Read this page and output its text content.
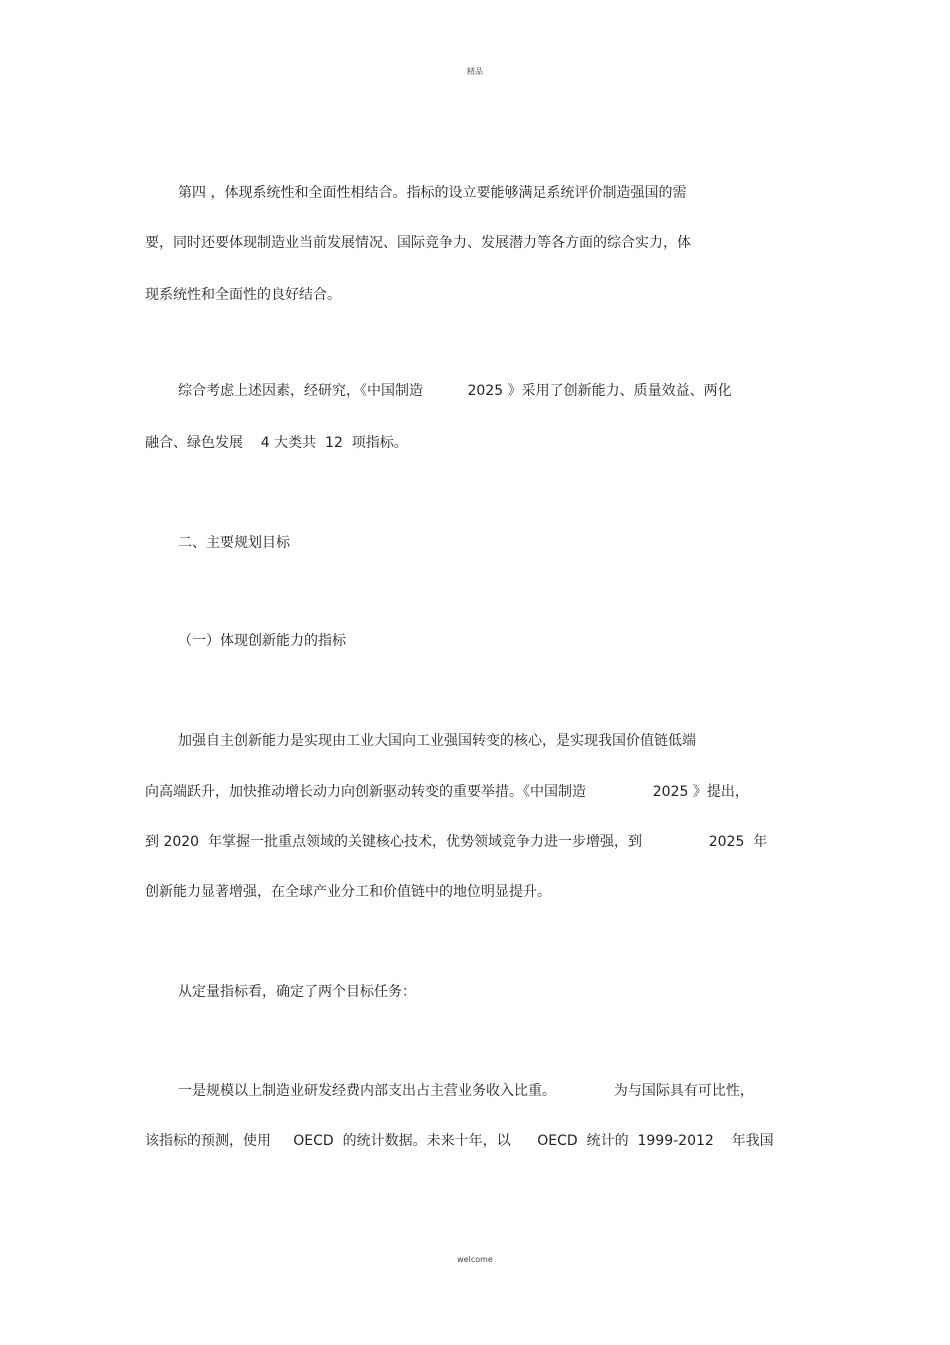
精品
第四 ，体现系统性和全面性相结合。指标的设立要能够满足系统评价制造强国的需
要，同时还要体现制造业当前发展情况、国际竞争力、发展潜力等各方面的综合实力，体
现系统性和全面性的良好结合。
综合考虑上述因素，经研究，《中国制造          2025 》采用了创新能力、质量效益、两化
融合、绿色发展    4 大类共  12  项指标。
二、主要规划目标
（一）体现创新能力的指标
加强自主创新能力是实现由工业大国向工业强国转变的核心，是实现我国价值链低端
向高端跃升，加快推动增长动力向创新驱动转变的重要举措。《中国制造               2025 》提出，
到 2020  年掌握一批重点领域的关键核心技术，优势领域竞争力进一步增强，到               2025  年
创新能力显著增强，在全球产业分工和价值链中的地位明显提升。
从定量指标看，确定了两个目标任务：
一是规模以上制造业研发经费内部支出占主营业务收入比重。             为与国际具有可比性，
该指标的预测，使用     OECD  的统计数据。未来十年，以      OECD  统计的  1999-2012    年我国
welcome
